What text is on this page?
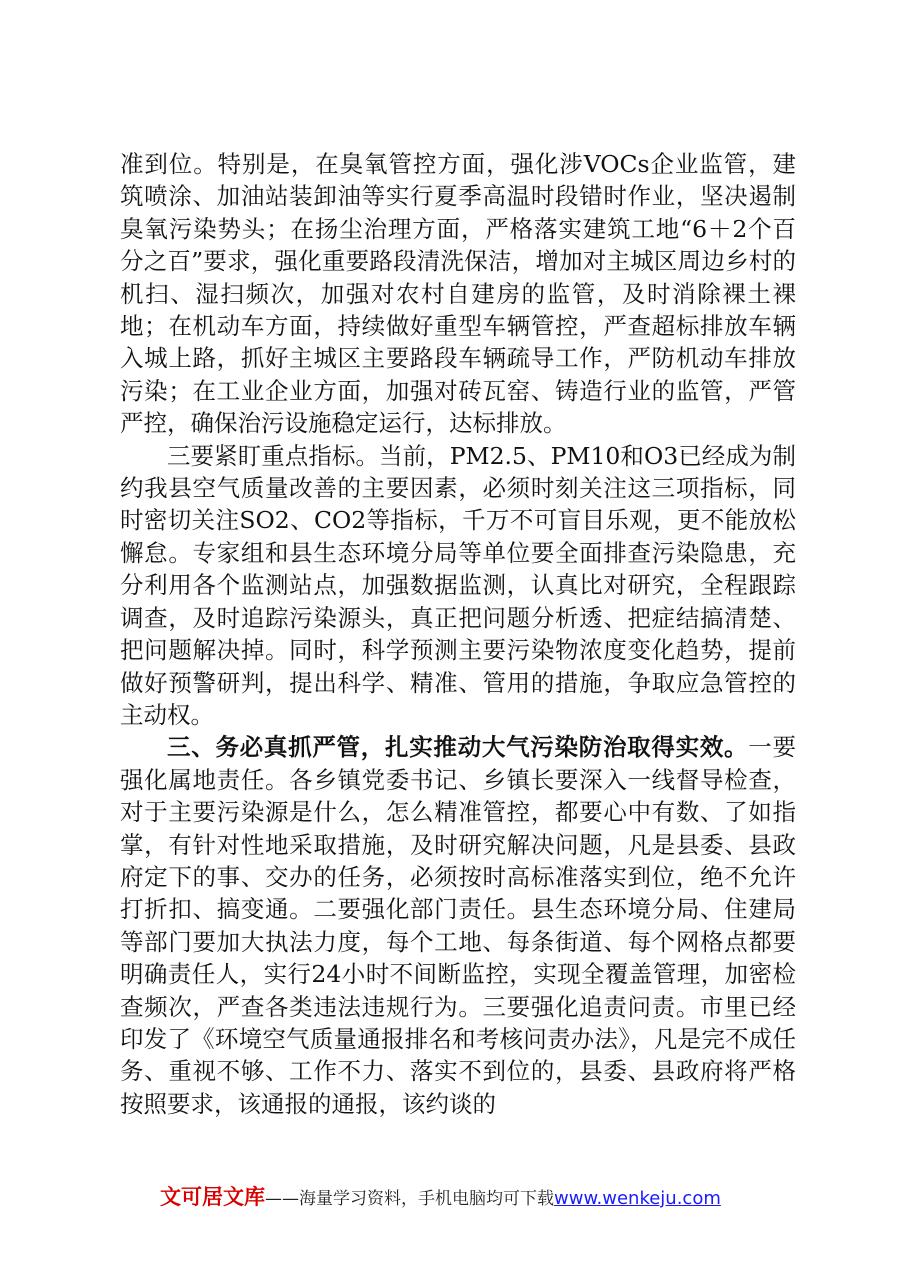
准到位。特别是，在臭氧管控方面，强化涉VOCs企业监管，建筑喷涂、加油站装卸油等实行夏季高温时段错时作业，坚决遏制臭氧污染势头；在扬尘治理方面，严格落实建筑工地“6＋2个百分之百”要求，强化重要路段清洗保洁，增加对主城区周边乡村的机扫、湿扫频次，加强对农村自建房的监管，及时消除裸土裸地；在机动车方面，持续做好重型车辆管控，严查超标排放车辆入城上路，抓好主城区主要路段车辆疏导工作，严防机动车排放污染；在工业企业方面，加强对砖瓦窑、铸造行业的监管，严管严控，确保治污设施稳定运行，达标排放。

三要紧盯重点指标。当前，PM2.5、PM10和O3已经成为制约我县空气质量改善的主要因素，必须时刻关注这三项指标，同时密切关注SO2、CO2等指标，千万不可盲目乐观，更不能放松懈怠。专家组和县生态环境分局等单位要全面排查污染隐患，充分利用各个监测站点，加强数据监测，认真比对研究，全程跟踪调查，及时追踪污染源头，真正把问题分析透、把症结搞清楚、把问题解决掉。同时，科学预测主要污染物浓度变化趋势，提前做好预警研判，提出科学、精准、管用的措施，争取应急管控的主动权。

三、务必真抓严管，扎实推动大气污染防治取得实效。一要强化属地责任。各乡镇党委书记、乡镇长要深入一线督导检查，对于主要污染源是什么，怎么精准管控，都要心中有数、了如指掌，有针对性地采取措施，及时研究解决问题，凡是县委、县政府定下的事、交办的任务，必须按时高标准落实到位，绝不允许打折扣、搞变通。二要强化部门责任。县生态环境分局、住建局等部门要加大执法力度，每个工地、每条街道、每个网格点都要明确责任人，实行24小时不间断监控，实现全覆盖管理，加密检查频次，严查各类违法违规行为。三要强化追责问责。市里已经印发了《环境空气质量通报排名和考核问责办法》，凡是完不成任务、重视不够、工作不力、落实不到位的，县委、县政府将严格按照要求，该通报的通报，该约谈的

文可居文库——海量学习资料，手机电脑均可下载www.wenkeju.com
